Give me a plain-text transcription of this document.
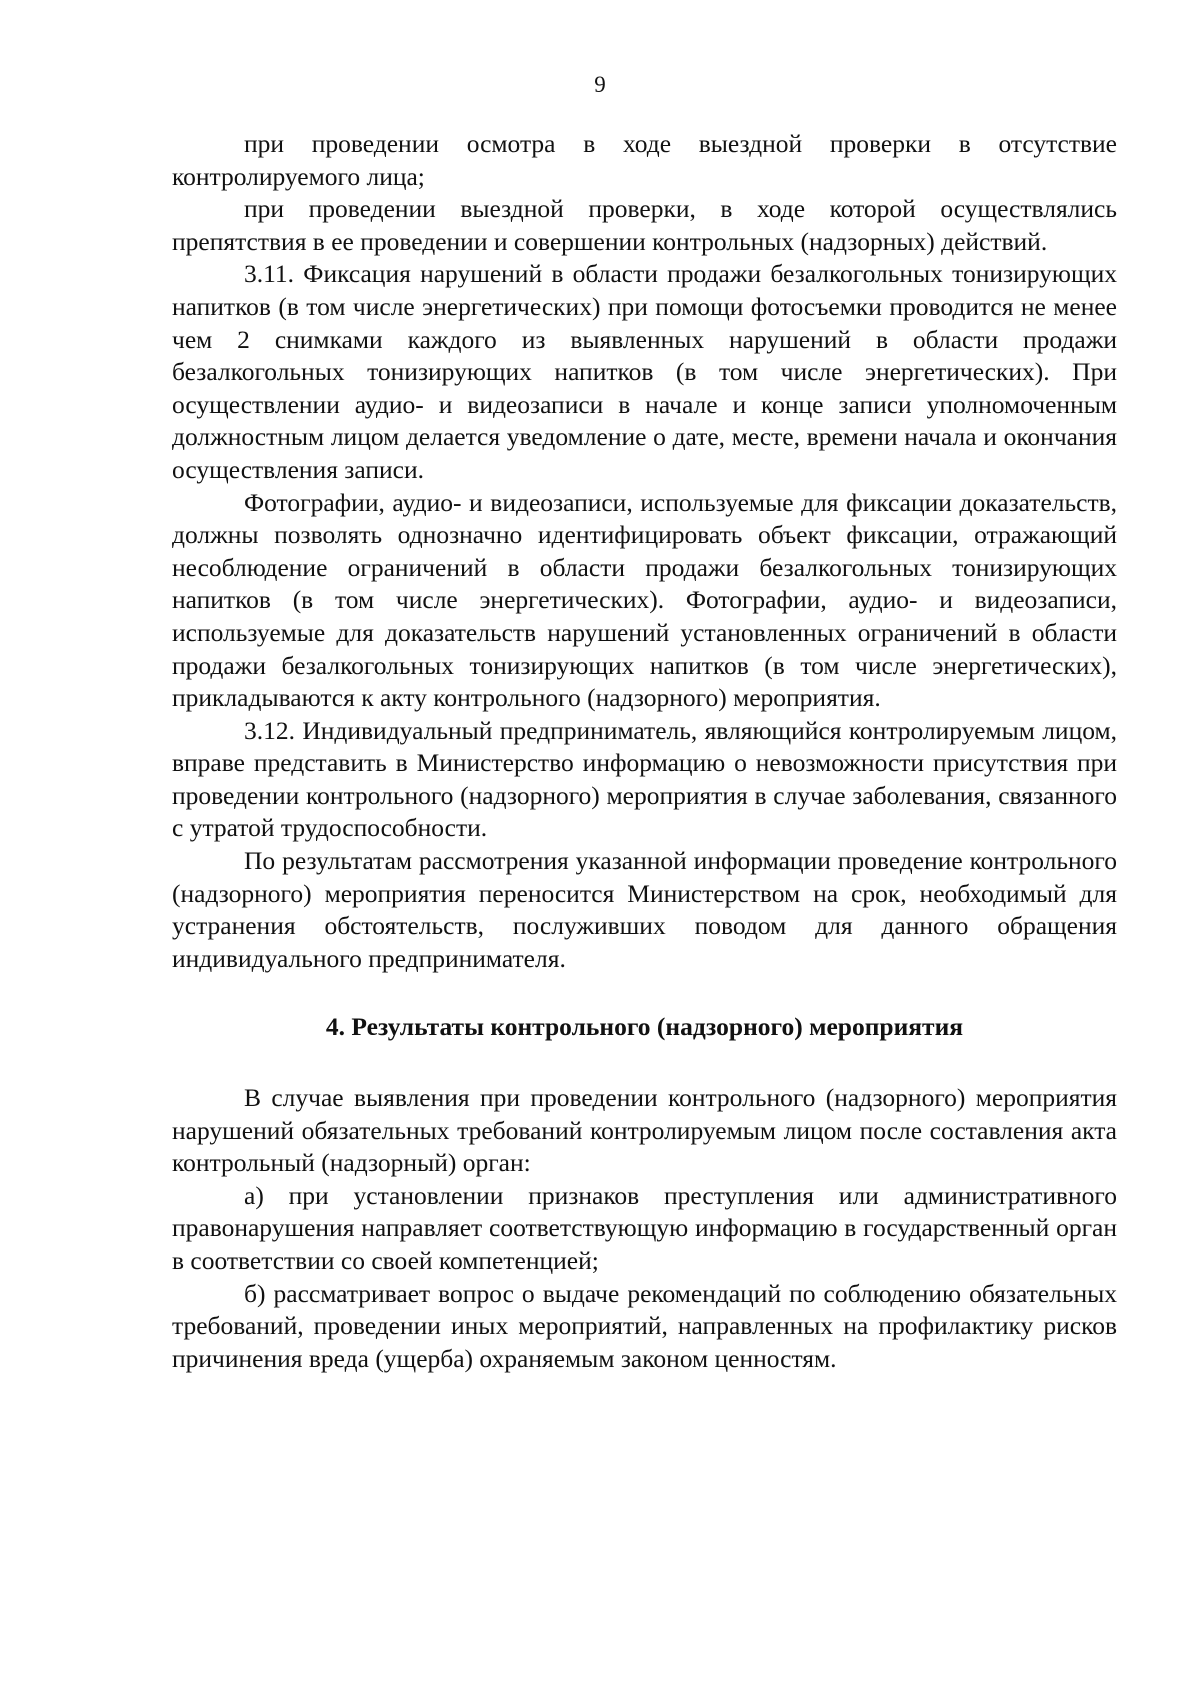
9

при проведении осмотра в ходе выездной проверки в отсутствие контролируемого лица;

при проведении выездной проверки, в ходе которой осуществлялись препятствия в ее проведении и совершении контрольных (надзорных) действий.

3.11. Фиксация нарушений в области продажи безалкогольных тонизирующих напитков (в том числе энергетических) при помощи фотосъемки проводится не менее чем 2 снимками каждого из выявленных нарушений в области продажи безалкогольных тонизирующих напитков (в том числе энергетических). При осуществлении аудио- и видеозаписи в начале и конце записи уполномоченным должностным лицом делается уведомление о дате, месте, времени начала и окончания осуществления записи.

Фотографии, аудио- и видеозаписи, используемые для фиксации доказательств, должны позволять однозначно идентифицировать объект фиксации, отражающий несоблюдение ограничений в области продажи безалкогольных тонизирующих напитков (в том числе энергетических). Фотографии, аудио- и видеозаписи, используемые для доказательств нарушений установленных ограничений в области продажи безалкогольных тонизирующих напитков (в том числе энергетических), прикладываются к акту контрольного (надзорного) мероприятия.

3.12. Индивидуальный предприниматель, являющийся контролируемым лицом, вправе представить в Министерство информацию о невозможности присутствия при проведении контрольного (надзорного) мероприятия в случае заболевания, связанного с утратой трудоспособности.

По результатам рассмотрения указанной информации проведение контрольного (надзорного) мероприятия переносится Министерством на срок, необходимый для устранения обстоятельств, послуживших поводом для данного обращения индивидуального предпринимателя.

4. Результаты контрольного (надзорного) мероприятия

В случае выявления при проведении контрольного (надзорного) мероприятия нарушений обязательных требований контролируемым лицом после составления акта контрольный (надзорный) орган:

а) при установлении признаков преступления или административного правонарушения направляет соответствующую информацию в государственный орган в соответствии со своей компетенцией;

б) рассматривает вопрос о выдаче рекомендаций по соблюдению обязательных требований, проведении иных мероприятий, направленных на профилактику рисков причинения вреда (ущерба) охраняемым законом ценностям.
